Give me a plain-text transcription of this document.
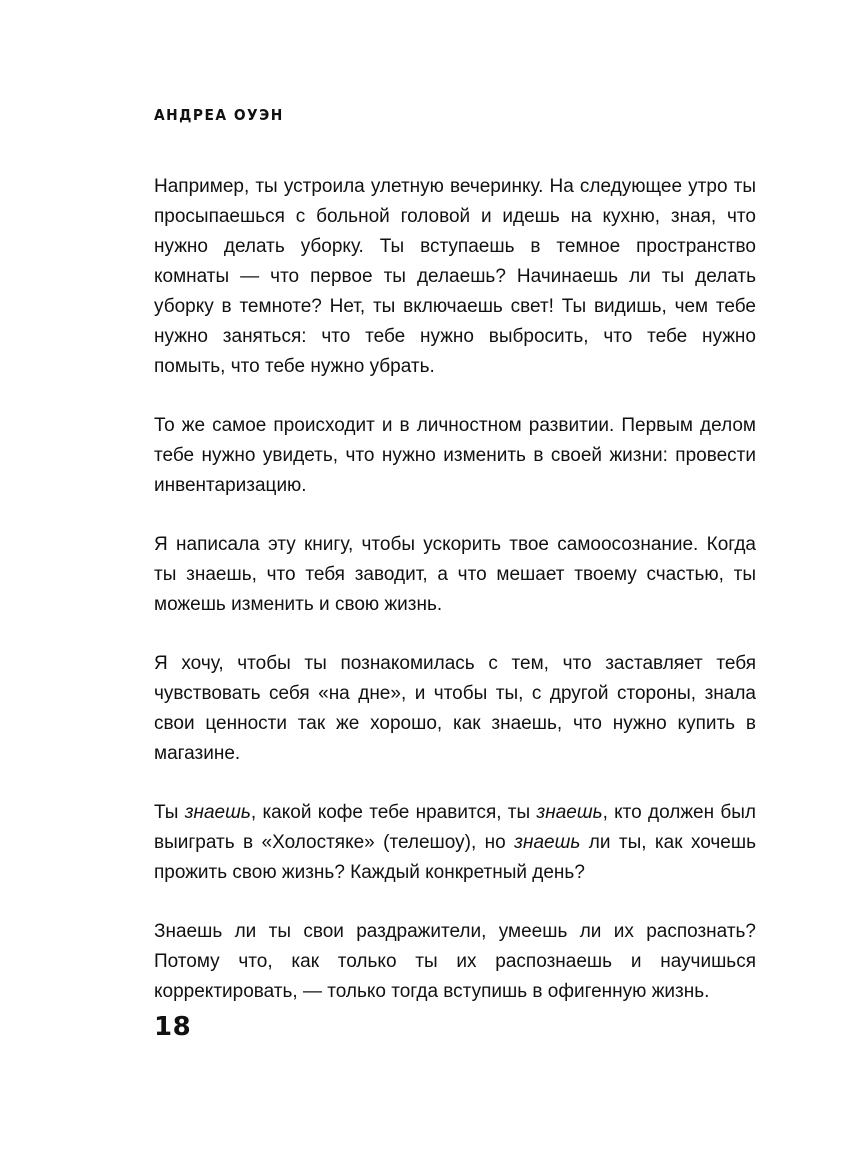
АНДРЕА ОУЭН

Например, ты устроила улетную вечеринку. На следующее утро ты просыпаешься с больной головой и идешь на кухню, зная, что нужно делать уборку. Ты вступаешь в темное пространство комнаты — что первое ты делаешь? Начинаешь ли ты делать уборку в темноте? Нет, ты включаешь свет! Ты видишь, чем тебе нужно заняться: что тебе нужно выбросить, что тебе нужно помыть, что тебе нужно убрать.

То же самое происходит и в личностном развитии. Первым делом тебе нужно увидеть, что нужно изменить в своей жизни: провести инвентаризацию.

Я написала эту книгу, чтобы ускорить твое самоосознание. Когда ты знаешь, что тебя заводит, а что мешает твоему счастью, ты можешь изменить и свою жизнь.

Я хочу, чтобы ты познакомилась с тем, что заставляет тебя чувствовать себя «на дне», и чтобы ты, с другой стороны, знала свои ценности так же хорошо, как знаешь, что нужно купить в магазине.

Ты знаешь, какой кофе тебе нравится, ты знаешь, кто должен был выиграть в «Холостяке» (телешоу), но знаешь ли ты, как хочешь прожить свою жизнь? Каждый конкретный день?

Знаешь ли ты свои раздражители, умеешь ли их распознать? Потому что, как только ты их распознаешь и научишься корректировать, — только тогда вступишь в офигенную жизнь.

18
